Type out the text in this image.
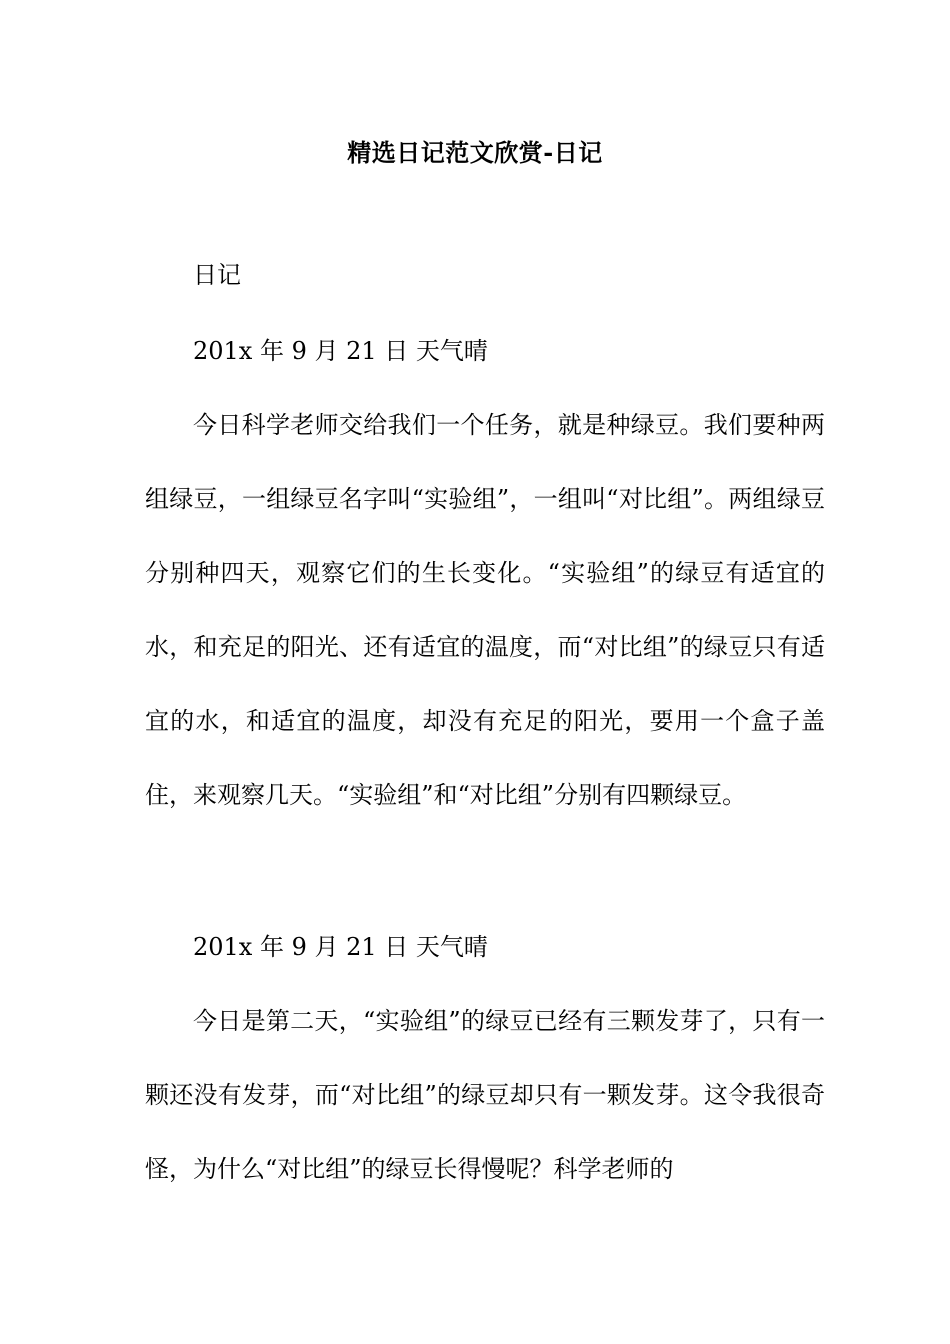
精选日记范文欣赏-日记
日记
201x 年 9 月 21 日 天气晴

今日科学老师交给我们一个任务，就是种绿豆。我们要种两组绿豆，一组绿豆名字叫“实验组”，一组叫“对比组”。两组绿豆分别种四天，观察它们的生长变化。“实验组”的绿豆有适宜的水，和充足的阳光、还有适宜的温度，而“对比组”的绿豆只有适宜的水，和适宜的温度，却没有充足的阳光，要用一个盒子盖住，来观察几天。“实验组”和“对比组”分别有四颗绿豆。

201x 年 9 月 21 日 天气晴

今日是第二天，“实验组”的绿豆已经有三颗发芽了，只有一颗还没有发芽，而“对比组”的绿豆却只有一颗发芽。这令我很奇怪，为什么“对比组”的绿豆长得慢呢？科学老师的
